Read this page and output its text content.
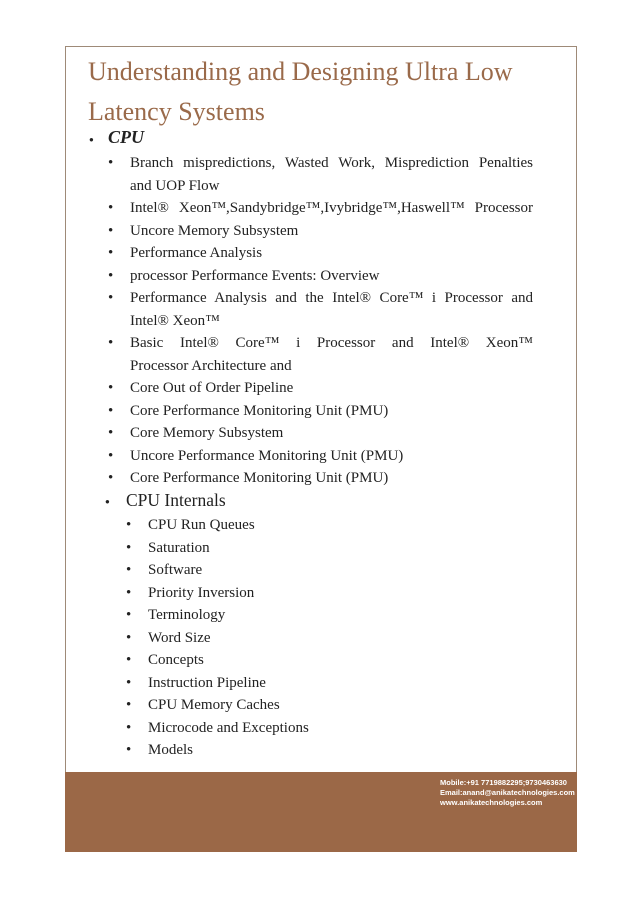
Understanding and Designing Ultra Low Latency Systems
● CPU
• Branch mispredictions, Wasted Work, Misprediction Penalties
and UOP Flow
• Intel® Xeon™,Sandybridge™,Ivybridge™,Haswell™ Processor
• Uncore Memory Subsystem
• Performance Analysis
• processor Performance Events: Overview
• Performance Analysis and the Intel® Core™ i Processor and
Intel® Xeon™
• Basic Intel® Core™ i Processor and Intel® Xeon™
Processor Architecture and
• Core Out of Order Pipeline
• Core Performance Monitoring Unit (PMU)
• Core Memory Subsystem
• Uncore Performance Monitoring Unit (PMU)
• Core Performance Monitoring Unit (PMU)
● CPU Internals
• CPU Run Queues
• Saturation
• Software
• Priority Inversion
• Terminology
• Word Size
• Concepts
• Instruction Pipeline
• CPU Memory Caches
• Microcode and Exceptions
• Models
Mobile:+91 7719882295;9730463630
Email:anand@anikatechnologies.com
www.anikatechnologies.com
